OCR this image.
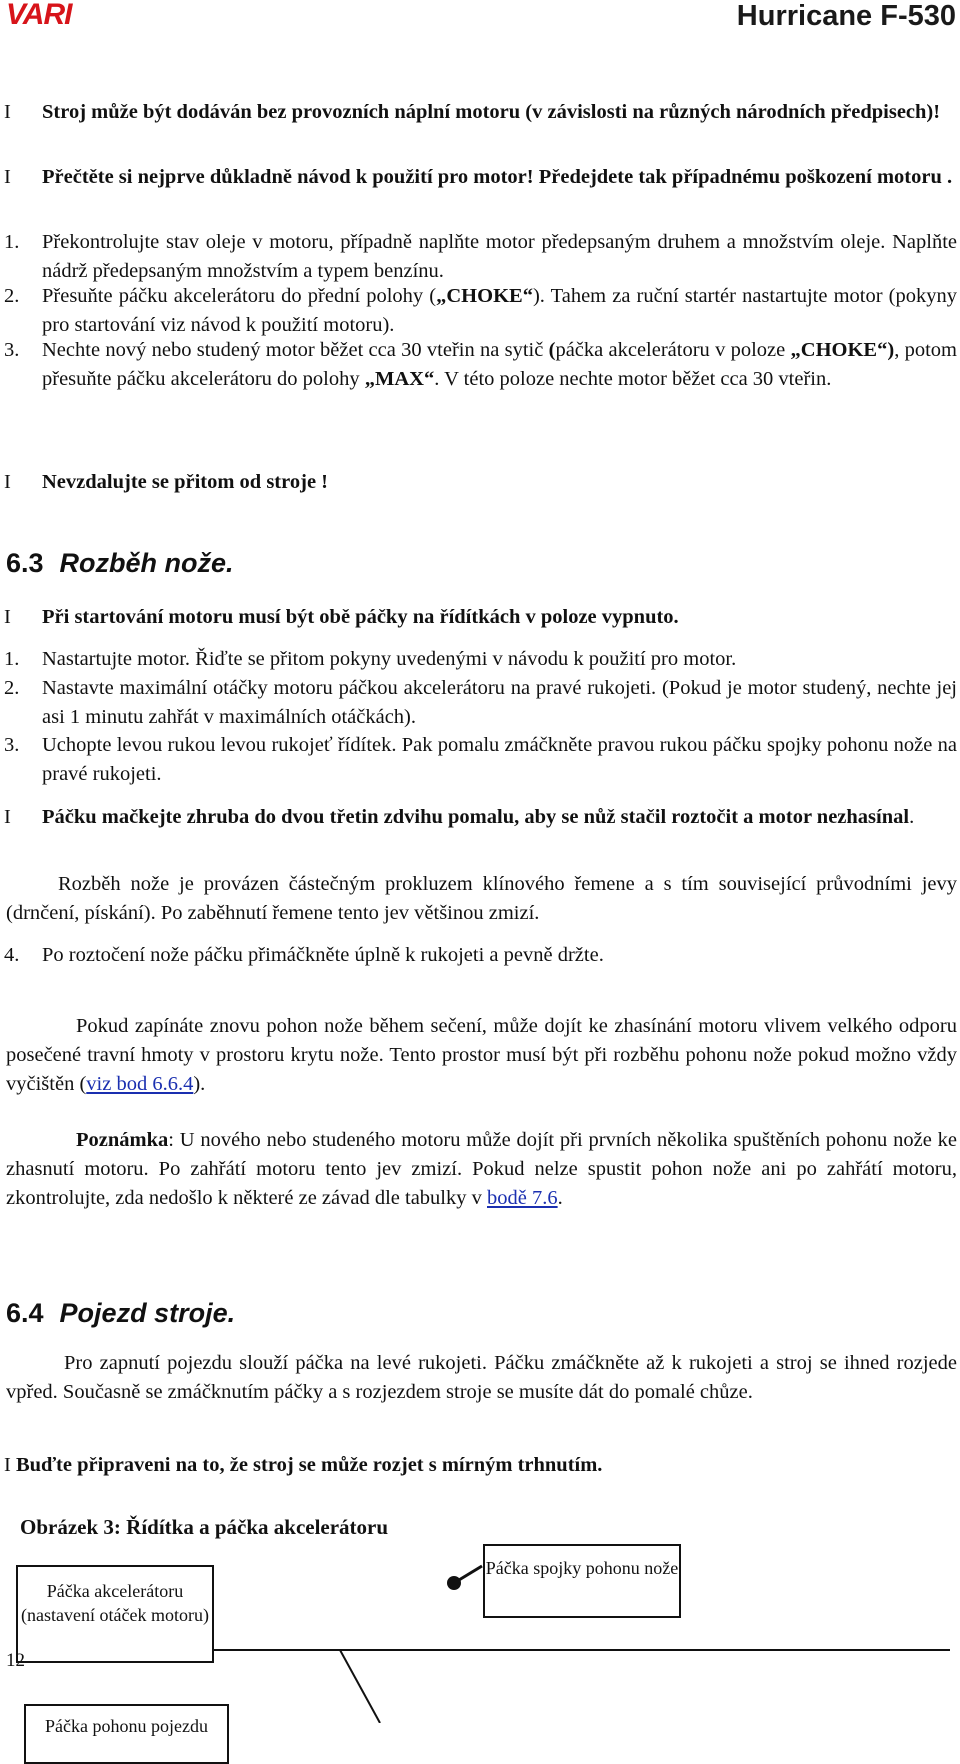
VARI	Hurricane F-530
I Stroj může být dodáván bez provozních náplní motoru (v závislosti na různých národních předpisech)!
I Přečtěte si nejprve důkladně návod k použití pro motor! Předejdete tak případnému poškození motoru .
1. Překontrolujte stav oleje v motoru, případně naplňte motor předepsaným druhem a množstvím oleje. Naplňte nádrž předepsaným množstvím a typem benzínu.
2. Přesuňte páčku akcelerátoru do přední polohy („CHOKE“). Tahem za ruční startér nastartujte motor (pokyny pro startování viz návod k použití motoru).
3. Nechte nový nebo studený motor běžet cca 30 vteřin na sytič (páčka akcelerátoru v poloze „CHOKE“), potom přesuňte páčku akcelerátoru do polohy „MAX“. V této poloze nechte motor běžet cca 30 vteřin.
I Nevzdalujte se přitom od stroje !
6.3 Rozběh nože.
I Při startování motoru musí být obě páčky na řídítkách v poloze vypnuto.
1. Nastartujte motor. Řiďte se přitom pokyny uvedenými v návodu k použití pro motor.
2. Nastavte maximální otáčky motoru páčkou akcelerátoru na pravé rukojeti. (Pokud je motor studený, nechte jej asi 1 minutu zahřát v maximálních otáčkách).
3. Uchopte levou rukou levou rukojeť řídítek. Pak pomalu zmáčkněte pravou rukou páčku spojky pohonu nože na pravé rukojeti.
I Páčku mačkejte zhruba do dvou třetin zdvihu pomalu, aby se nůž stačil roztočit a motor nezhasínal.
Rozběh nože je provázen částečným prokluzem klínového řemene a s tím související průvodními jevy (drnčení, pískání). Po zaběhnutí řemene tento jev většinou zmizí.
4. Po roztočení nože páčku přimáčkněte úplně k rukojeti a pevně držte.
Pokud zapínáte znovu pohon nože během sečení, může dojít ke zhasínání motoru vlivem velkého odporu posečené travní hmoty v prostoru krytu nože. Tento prostor musí být při rozběhu pohonu nože pokud možno vždy vyčištěn (viz bod 6.6.4).
Poznámka: U nového nebo studeného motoru může dojít při prvních několika spuštěních pohonu nože ke zhasnutí motoru. Po zahřátí motoru tento jev zmizí. Pokud nelze spustit pohon nože ani po zahřátí motoru, zkontrolujte, zda nedošlo k některé ze závad dle tabulky v bodě 7.6.
6.4 Pojezd stroje.
Pro zapnutí pojezdu slouží páčka na levé rukojeti. Páčku zmáčkněte až k rukojeti a stroj se ihned rozjede vpřed. Současně se zmáčknutím páčky a s rozjezdem stroje se musíte dát do pomalé chůze.
I Buďte připraveni na to, že stroj se může rozjet s mírným trhnutím.
Obrázek 3: Řídítka a páčka akcelerátoru
Páčka spojky pohonu nože
Páčka akcelerátoru (nastavení otáček motoru)
Páčka pohonu pojezdu
12
